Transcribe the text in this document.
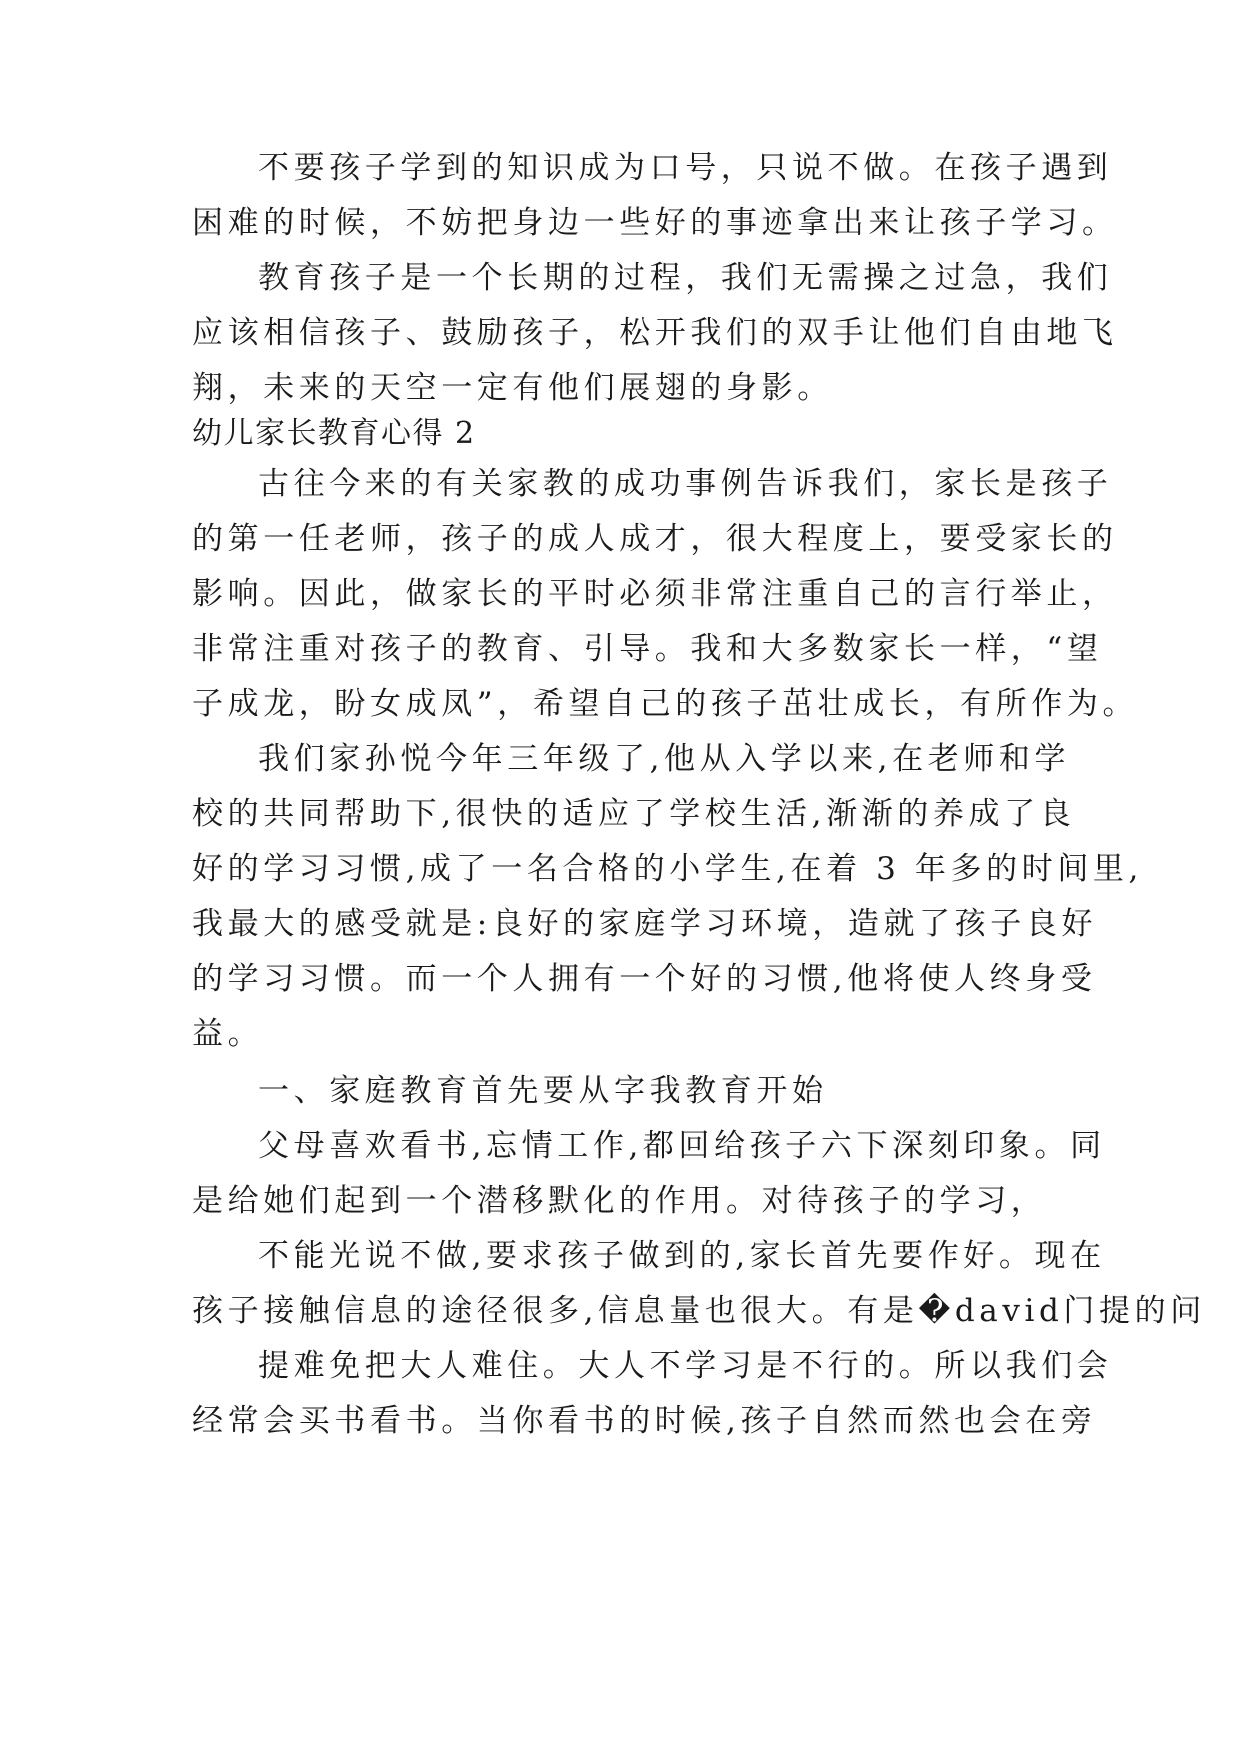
不要孩子学到的知识成为口号，只说不做。在孩子遇到
困难的时候，不妨把身边一些好的事迹拿出来让孩子学习。
教育孩子是一个长期的过程，我们无需操之过急，我们
应该相信孩子、鼓励孩子，松开我们的双手让他们自由地飞
翔，未来的天空一定有他们展翅的身影。
幼儿家长教育心得 2
古往今来的有关家教的成功事例告诉我们，家长是孩子
的第一任老师，孩子的成人成才，很大程度上，要受家长的
影响。因此，做家长的平时必须非常注重自己的言行举止，
非常注重对孩子的教育、引导。我和大多数家长一样，“望
子成龙，盼女成凤”，希望自己的孩子茁壮成长，有所作为。
我们家孙悦今年三年级了,他从入学以来,在老师和学
校的共同帮助下,很快的适应了学校生活,渐渐的养成了良
好的学习习惯,成了一名合格的小学生,在着 3 年多的时间里,
我最大的感受就是:良好的家庭学习环境，造就了孩子良好
的学习习惯。而一个人拥有一个好的习惯,他将使人终身受
益。
一、家庭教育首先要从字我教育开始
父母喜欢看书,忘情工作,都回给孩子六下深刻印象。同
是给她们起到一个潜移默化的作用。对待孩子的学习，
不能光说不做,要求孩子做到的,家长首先要作好。现在
孩子接触信息的途径很多,信息量也很大。有是�david门提的问
提难免把大人难住。大人不学习是不行的。所以我们会
经常会买书看书。当你看书的时候,孩子自然而然也会在旁
